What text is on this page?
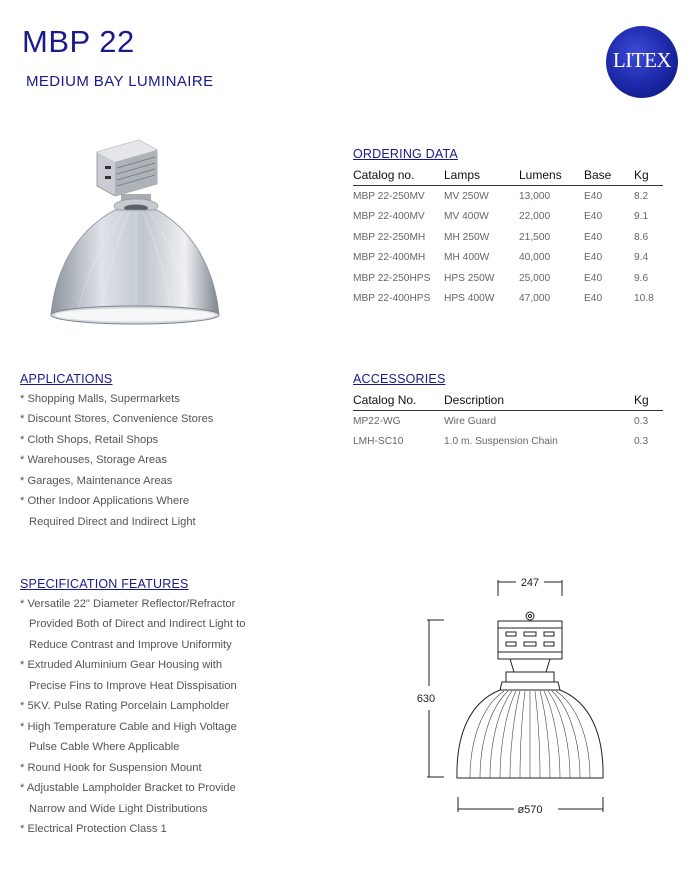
MBP 22
MEDIUM BAY LUMINAIRE
LITEX
ORDERING DATA
Catalog no.	Lamps	Lumens	Base	Kg
MBP 22-250MV	MV 250W	13,000	E40	8.2
MBP 22-400MV	MV 400W	22,000	E40	9.1
MBP 22-250MH	MH 250W	21,500	E40	8.6
MBP 22-400MH	MH 400W	40,000	E40	9.4
MBP 22-250HPS	HPS 250W	25,000	E40	9.6
MBP 22-400HPS	HPS 400W	47,000	E40	10.8
APPLICATIONS
* Shopping Malls, Supermarkets
* Discount Stores, Convenience Stores
* Cloth Shops, Retail Shops
* Warehouses, Storage Areas
* Garages, Maintenance Areas
* Other Indoor Applications Where
Required Direct and Indirect Light
ACCESSORIES
Catalog No.	Description	Kg
MP22-WG	Wire Guard	0.3
LMH-SC10	1.0 m. Suspension Chain	0.3
SPECIFICATION FEATURES
* Versatile 22" Diameter Reflector/Refractor
Provided Both of Direct and Indirect Light to
Reduce Contrast and Improve Uniformity
* Extruded Aluminium Gear Housing with
Precise Fins to Improve Heat Disspisation
* 5KV. Pulse Rating Porcelain Lampholder
* High Temperature Cable and High Voltage
Pulse Cable Where Applicable
* Round Hook for Suspension Mount
* Adjustable Lampholder Bracket to Provide
Narrow and Wide Light Distributions
* Electrical Protection Class 1
247
630
ø570
